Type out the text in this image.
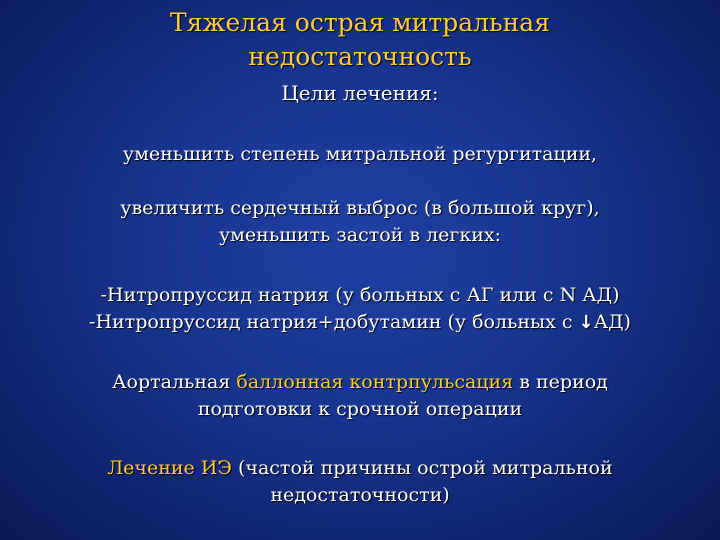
Тяжелая острая митральная
недостаточность
Цели лечения:
уменьшить степень митральной регургитации,
увеличить сердечный выброс (в большой круг),
уменьшить застой в легких:
-Нитропруссид натрия (у больных с АГ или с N АД)
-Нитропруссид натрия+добутамин (у больных с ↓АД)
Аортальная баллонная контрпульсация в период
подготовки к срочной операции
Лечение ИЭ (частой причины острой митральной
недостаточности)
